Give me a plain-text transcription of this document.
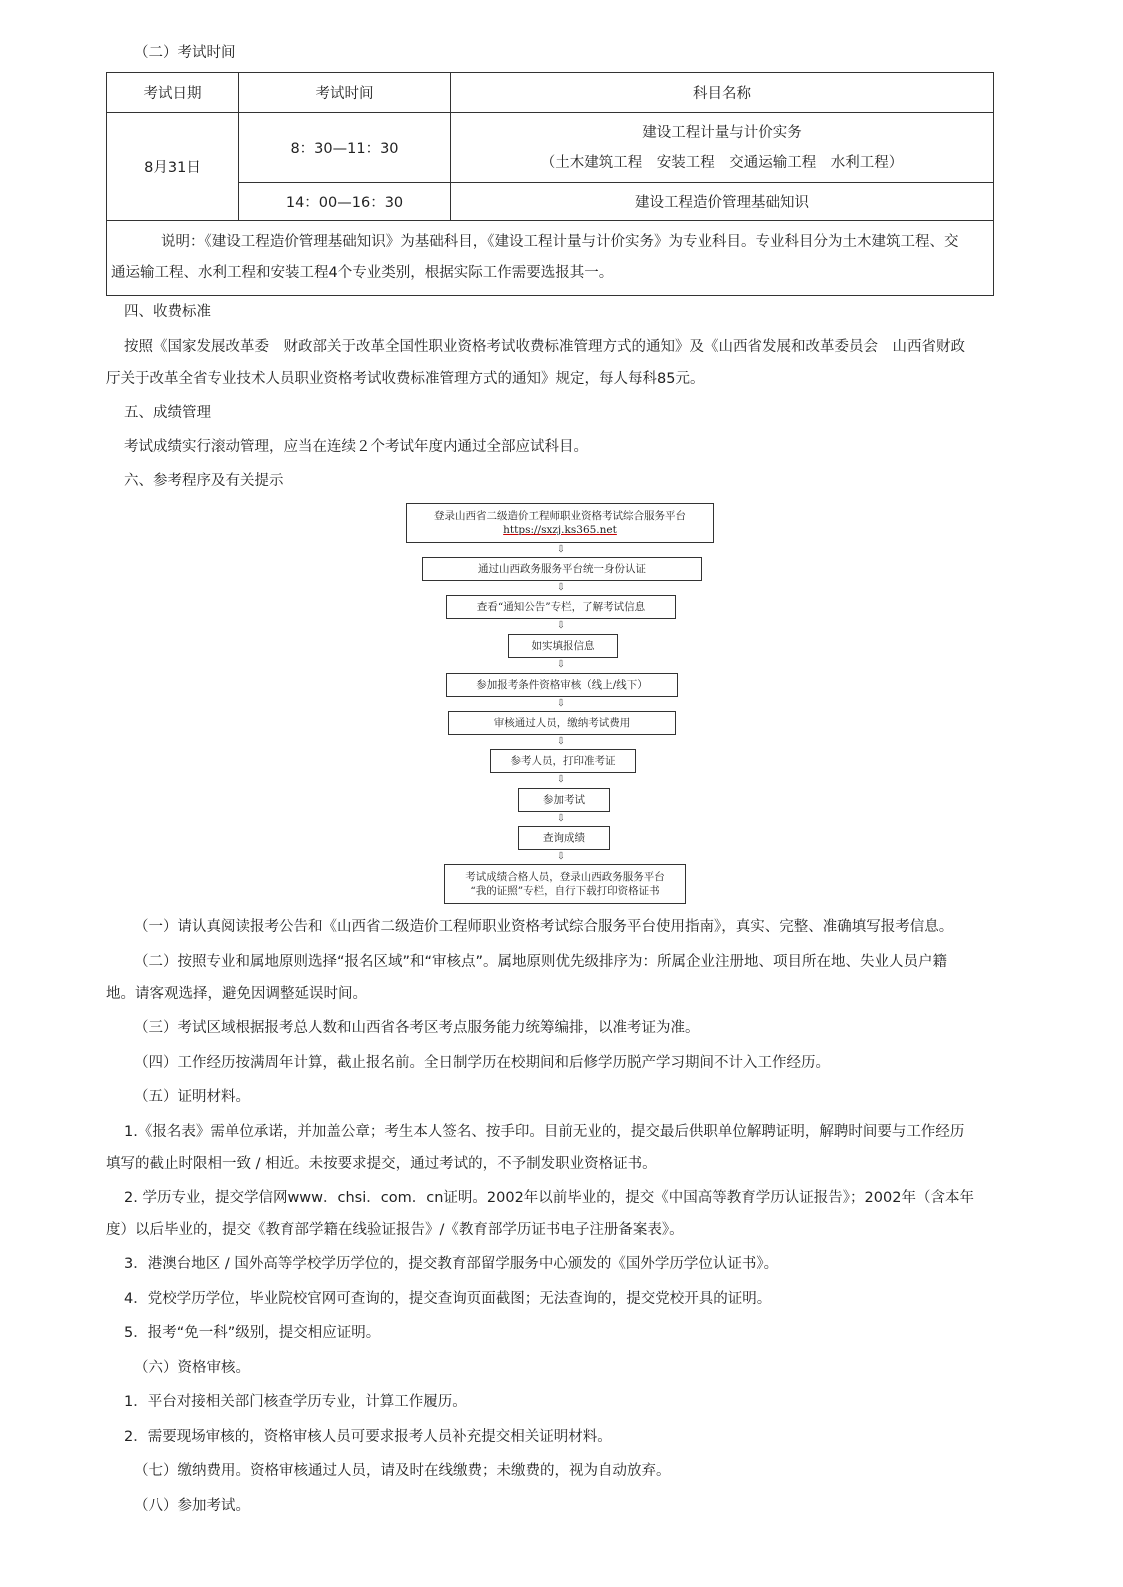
（二）考试时间
考试日期	考试时间	科目名称
8月31日	8：30—11：30	建设工程计量与计价实务
（土木建筑工程　安装工程　交通运输工程　水利工程）

	14：00—16：30	建设工程造价管理基础知识

说明：《建设工程造价管理基础知识》为基础科目，《建设工程计量与计价实务》为专业科目。专业科目分为土木建筑工程、交
通运输工程、水利工程和安装工程4个专业类别，根据实际工作需要选报其一。		
四、收费标准
按照《国家发展改革委　财政部关于改革全国性职业资格考试收费标准管理方式的通知》及《山西省发展和改革委员会　山西省财政
厅关于改革全省专业技术人员职业资格考试收费标准管理方式的通知》规定，每人每科85元。
五、成绩管理
考试成绩实行滚动管理，应当在连续２个考试年度内通过全部应试科目。
六、参考程序及有关提示
登录山西省二级造价工程师职业资格考试综合服务平台
https://sxzj.ks365.net
⇩
通过山西政务服务平台统一身份认证
⇩
查看“通知公告”专栏，了解考试信息
⇩
如实填报信息
⇩
参加报考条件资格审核（线上/线下）
⇩
审核通过人员，缴纳考试费用
⇩
参考人员，打印准考证
⇩
参加考试
⇩
查询成绩
⇩
考试成绩合格人员，登录山西政务服务平台
“我的证照”专栏，自行下载打印资格证书
（一）请认真阅读报考公告和《山西省二级造价工程师职业资格考试综合服务平台使用指南》，真实、完整、准确填写报考信息。
（二）按照专业和属地原则选择“报名区域”和“审核点”。属地原则优先级排序为：所属企业注册地、项目所在地、失业人员户籍
地。请客观选择，避免因调整延误时间。
（三）考试区域根据报考总人数和山西省各考区考点服务能力统筹编排，以准考证为准。
（四）工作经历按满周年计算，截止报名前。全日制学历在校期间和后修学历脱产学习期间不计入工作经历。
（五）证明材料。
1.《报名表》需单位承诺，并加盖公章；考生本人签名、按手印。目前无业的，提交最后供职单位解聘证明，解聘时间要与工作经历
填写的截止时限相一致 / 相近。未按要求提交，通过考试的，不予制发职业资格证书。
2. 学历专业，提交学信网www．chsi．com．cn证明。2002年以前毕业的，提交《中国高等教育学历认证报告》；2002年（含本年
度）以后毕业的，提交《教育部学籍在线验证报告》/《教育部学历证书电子注册备案表》。
3．港澳台地区 / 国外高等学校学历学位的，提交教育部留学服务中心颁发的《国外学历学位认证书》。
4．党校学历学位，毕业院校官网可查询的，提交查询页面截图；无法查询的，提交党校开具的证明。
5．报考“免一科”级别，提交相应证明。
（六）资格审核。
1．平台对接相关部门核查学历专业，计算工作履历。
2．需要现场审核的，资格审核人员可要求报考人员补充提交相关证明材料。
（七）缴纳费用。资格审核通过人员，请及时在线缴费；未缴费的，视为自动放弃。
（八）参加考试。
